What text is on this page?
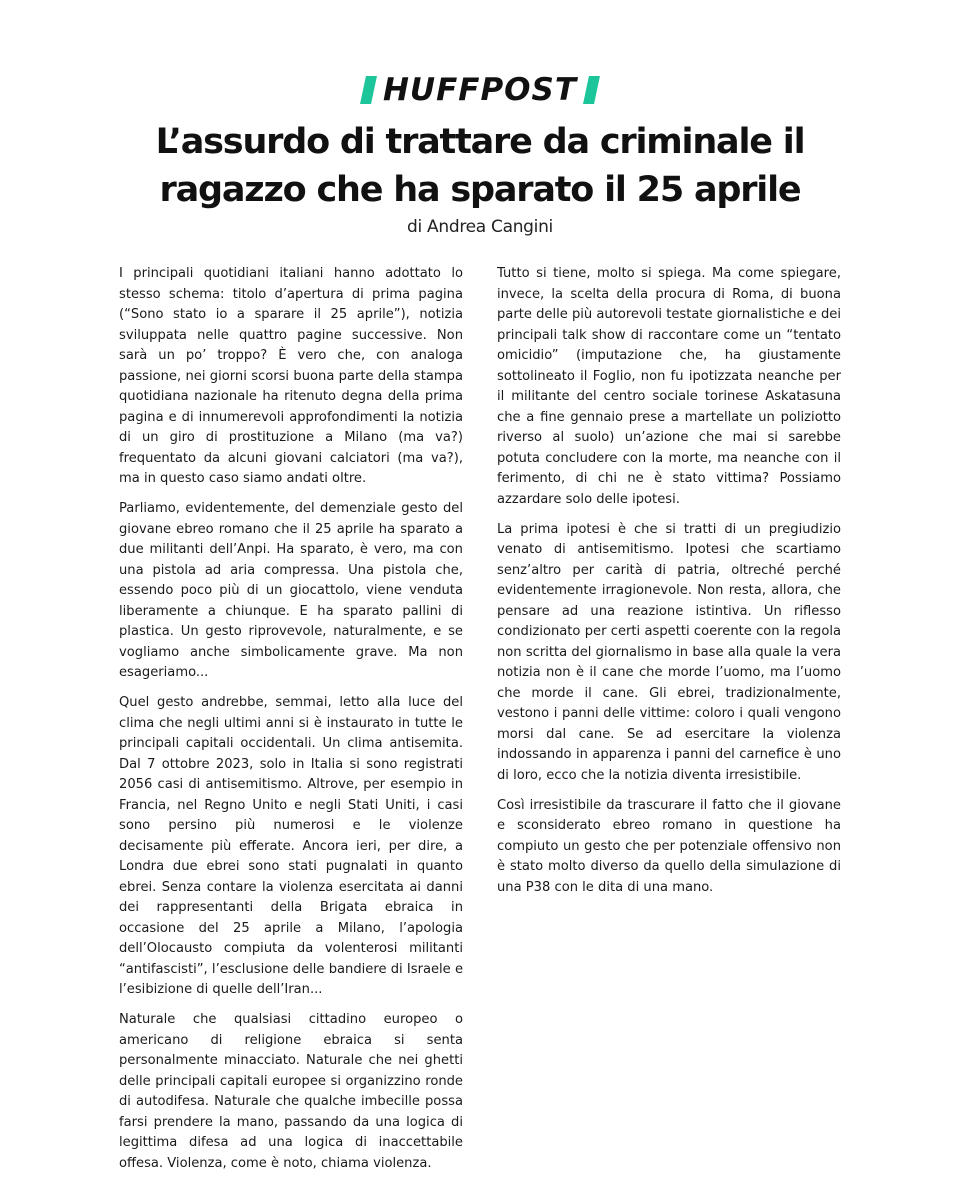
HUFFPOST
L’assurdo di trattare da criminale il
ragazzo che ha sparato il 25 aprile
di Andrea Cangini

I principali quotidiani italiani hanno adottato lo stesso schema: titolo d’apertura di prima pagina (“Sono stato io a sparare il 25 aprile”), notizia sviluppata nelle quattro pagine successive. Non sarà un po’ troppo? È vero che, con analoga passione, nei giorni scorsi buona parte della stampa quotidiana nazionale ha ritenuto degna della prima pagina e di innumerevoli approfondimenti la notizia di un giro di prostituzione a Milano (ma va?) frequentato da alcuni giovani calciatori (ma va?), ma in questo caso siamo andati oltre.

Parliamo, evidentemente, del demenziale gesto del giovane ebreo romano che il 25 aprile ha sparato a due militanti dell’Anpi. Ha sparato, è vero, ma con una pistola ad aria compressa. Una pistola che, essendo poco più di un giocattolo, viene venduta liberamente a chiunque. E ha sparato pallini di plastica. Un gesto riprovevole, naturalmente, e se vogliamo anche simbolicamente grave. Ma non esageriamo...

Quel gesto andrebbe, semmai, letto alla luce del clima che negli ultimi anni si è instaurato in tutte le principali capitali occidentali. Un clima antisemita. Dal 7 ottobre 2023, solo in Italia si sono registrati 2056 casi di antisemitismo. Altrove, per esempio in Francia, nel Regno Unito e negli Stati Uniti, i casi sono persino più numerosi e le violenze decisamente più efferate. Ancora ieri, per dire, a Londra due ebrei sono stati pugnalati in quanto ebrei. Senza contare la violenza esercitata ai danni dei rappresentanti della Brigata ebraica in occasione del 25 aprile a Milano, l’apologia dell’Olocausto compiuta da volenterosi militanti “antifascisti”, l’esclusione delle bandiere di Israele e l’esibizione di quelle dell’Iran...

Naturale che qualsiasi cittadino europeo o americano di religione ebraica si senta personalmente minacciato. Naturale che nei ghetti delle principali capitali europee si organizzino ronde di autodifesa. Naturale che qualche imbecille possa farsi prendere la mano, passando da una logica di legittima difesa ad una logica di inaccettabile offesa. Violenza, come è noto, chiama violenza.

Tutto si tiene, molto si spiega. Ma come spiegare, invece, la scelta della procura di Roma, di buona parte delle più autorevoli testate giornalistiche e dei principali talk show di raccontare come un “tentato omicidio” (imputazione che, ha giustamente sottolineato il Foglio, non fu ipotizzata neanche per il militante del centro sociale torinese Askatasuna che a fine gennaio prese a martellate un poliziotto riverso al suolo) un’azione che mai si sarebbe potuta concludere con la morte, ma neanche con il ferimento, di chi ne è stato vittima? Possiamo azzardare solo delle ipotesi.

La prima ipotesi è che si tratti di un pregiudizio venato di antisemitismo. Ipotesi che scartiamo senz’altro per carità di patria, oltreché perché evidentemente irragionevole. Non resta, allora, che pensare ad una reazione istintiva. Un riflesso condizionato per certi aspetti coerente con la regola non scritta del giornalismo in base alla quale la vera notizia non è il cane che morde l’uomo, ma l’uomo che morde il cane. Gli ebrei, tradizionalmente, vestono i panni delle vittime: coloro i quali vengono morsi dal cane. Se ad esercitare la violenza indossando in apparenza i panni del carnefice è uno di loro, ecco che la notizia diventa irresistibile.

Così irresistibile da trascurare il fatto che il giovane e sconsiderato ebreo romano in questione ha compiuto un gesto che per potenziale offensivo non è stato molto diverso da quello della simulazione di una P38 con le dita di una mano.
